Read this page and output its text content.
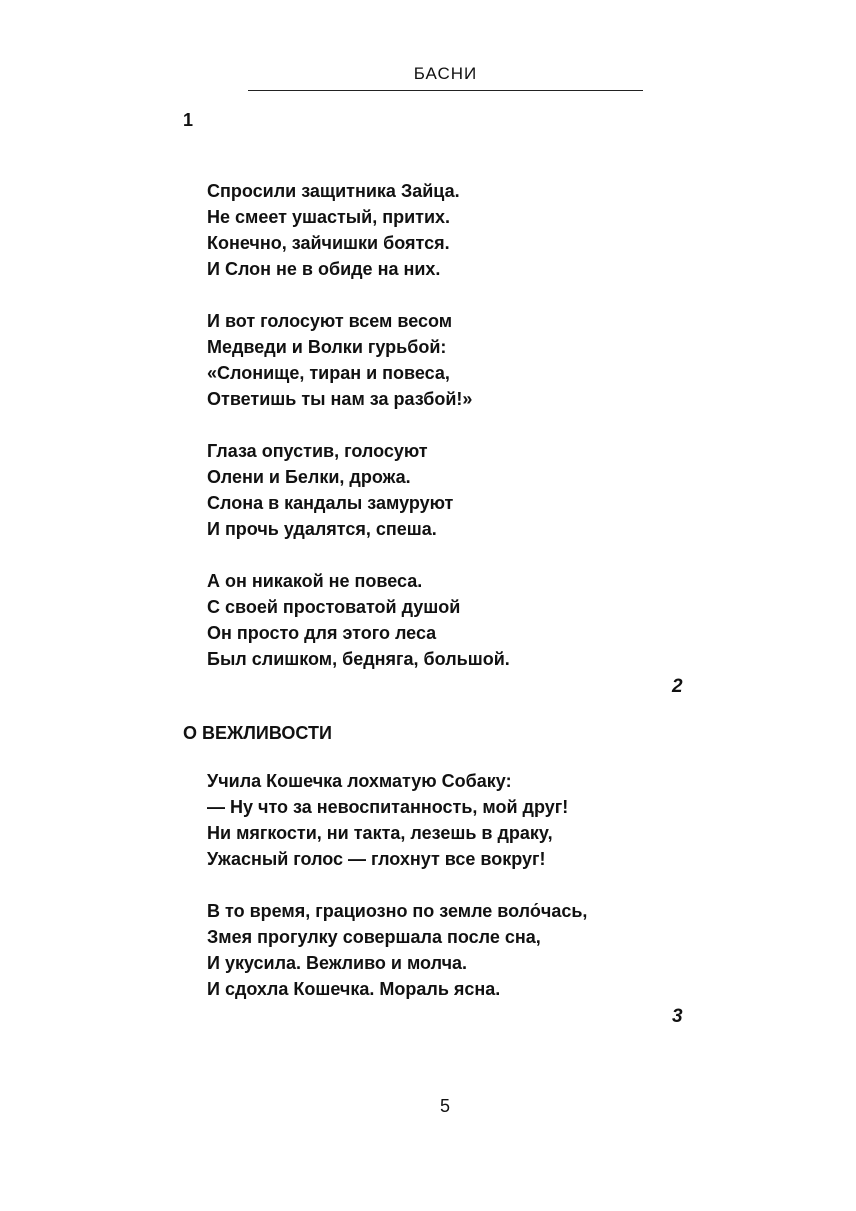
БАСНИ
1
Спросили защитника Зайца.
Не смеет ушастый, притих.
Конечно, зайчишки боятся.
И Слон не в обиде на них.
И вот голосуют всем весом
Медведи и Волки гурьбой:
«Слонище, тиран и повеса,
Ответишь ты нам за разбой!»
Глаза опустив, голосуют
Олени и Белки, дрожа.
Слона в кандалы замуруют
И прочь удалятся, спеша.
А он никакой не повеса.
С своей простоватой душой
Он просто для этого леса
Был слишком, бедняга, большой.
2
О ВЕЖЛИВОСТИ
Учила Кошечка лохматую Собаку:
— Ну что за невоспитанность, мой друг!
Ни мягкости, ни такта, лезешь в драку,
Ужасный голос — глохнут все вокруг!
В то время, грациозно по земле воло́чась,
Змея прогулку совершала после сна,
И укусила. Вежливо и молча.
И сдохла Кошечка. Мораль ясна.
3
5
